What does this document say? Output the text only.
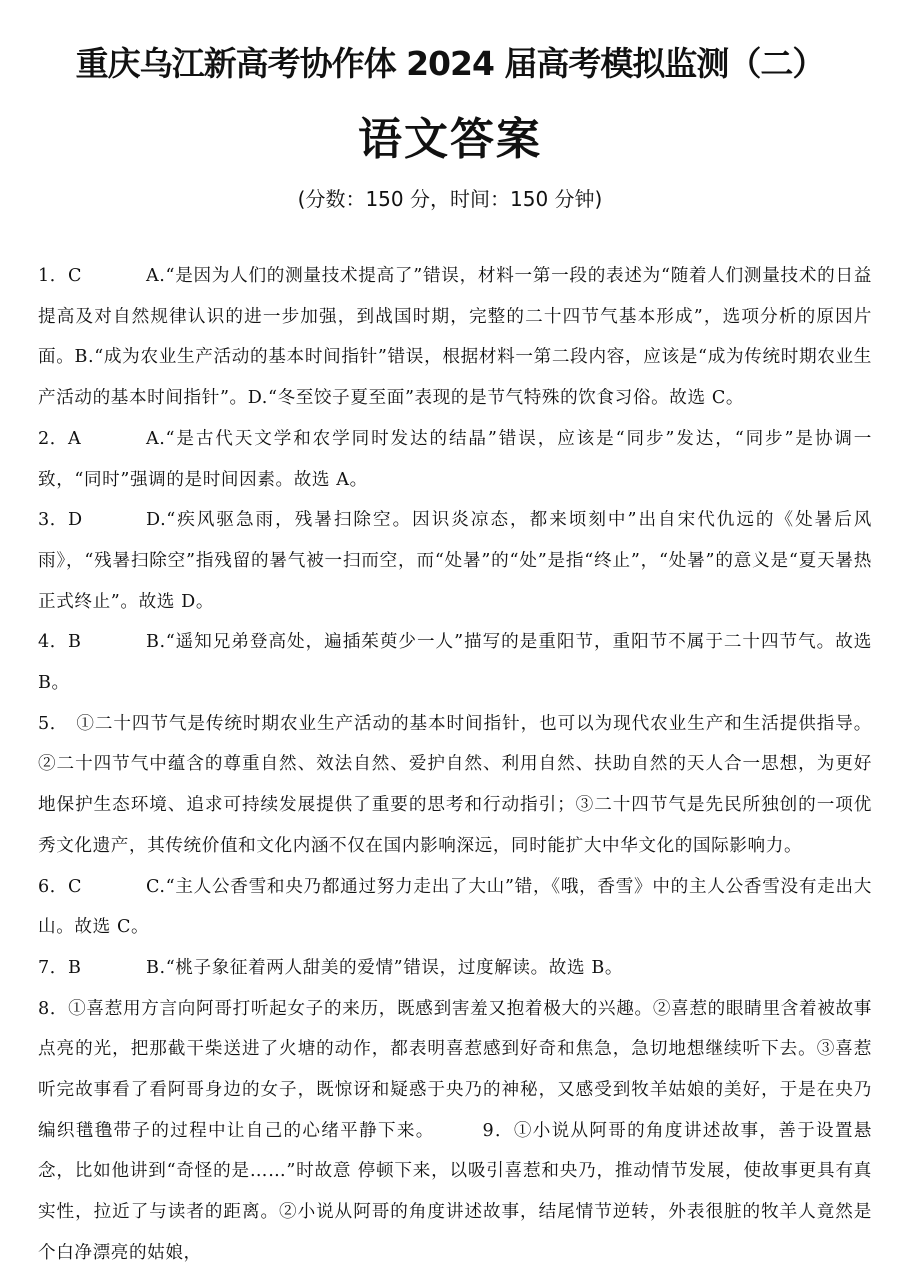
重庆乌江新高考协作体 2024 届高考模拟监测（二）
语文答案
(分数：150 分，时间：150 分钟)

1．C	A.“是因为人们的测量技术提高了”错误，材料一第一段的表述为“随着人们测量技术的日益提高及对自然规律认识的进一步加强，到战国时期，完整的二十四节气基本形成”，选项分析的原因片面。B.“成为农业生产活动的基本时间指针”错误，根据材料一第二段内容，应该是“成为传统时期农业生产活动的基本时间指针”。D.“冬至饺子夏至面”表现的是节气特殊的饮食习俗。故选 C。

2．A	A.“是古代天文学和农学同时发达的结晶”错误，应该是“同步”发达，“同步”是协调一致，“同时”强调的是时间因素。故选 A。

3．D	D.“疾风驱急雨，残暑扫除空。因识炎凉态，都来顷刻中”出自宋代仇远的《处暑后风雨》，“残暑扫除空”指残留的暑气被一扫而空，而“处暑”的“处”是指“终止”，“处暑”的意义是“夏天暑热正式终止”。故选 D。

4．B	B.“遥知兄弟登高处，遍插茱萸少一人”描写的是重阳节，重阳节不属于二十四节气。故选 B。

5． ①二十四节气是传统时期农业生产活动的基本时间指针，也可以为现代农业生产和生活提供指导。②二十四节气中蕴含的尊重自然、效法自然、爱护自然、利用自然、扶助自然的天人合一思想，为更好地保护生态环境、追求可持续发展提供了重要的思考和行动指引；③二十四节气是先民所独创的一项优秀文化遗产，其传统价值和文化内涵不仅在国内影响深远，同时能扩大中华文化的国际影响力。

6．C	C.“主人公香雪和央乃都通过努力走出了大山”错，《哦，香雪》中的主人公香雪没有走出大山。故选 C。

7．B	B.“桃子象征着两人甜美的爱情”错误，过度解读。故选 B。

8．①喜惹用方言向阿哥打听起女子的来历，既感到害羞又抱着极大的兴趣。②喜惹的眼睛里含着被故事点亮的光，把那截干柴送进了火塘的动作，都表明喜惹感到好奇和焦急，急切地想继续听下去。③喜惹听完故事看了看阿哥身边的女子，既惊讶和疑惑于央乃的神秘，又感受到牧羊姑娘的美好，于是在央乃编织氆氇带子的过程中让自己的心绪平静下来。　　　9．①小说从阿哥的角度讲述故事，善于设置悬念，比如他讲到“奇怪的是……”时故意 停顿下来，以吸引喜惹和央乃，推动情节发展，使故事更具有真实性，拉近了与读者的距离。②小说从阿哥的角度讲述故事，结尾情节逆转，外表很脏的牧羊人竟然是个白净漂亮的姑娘，
